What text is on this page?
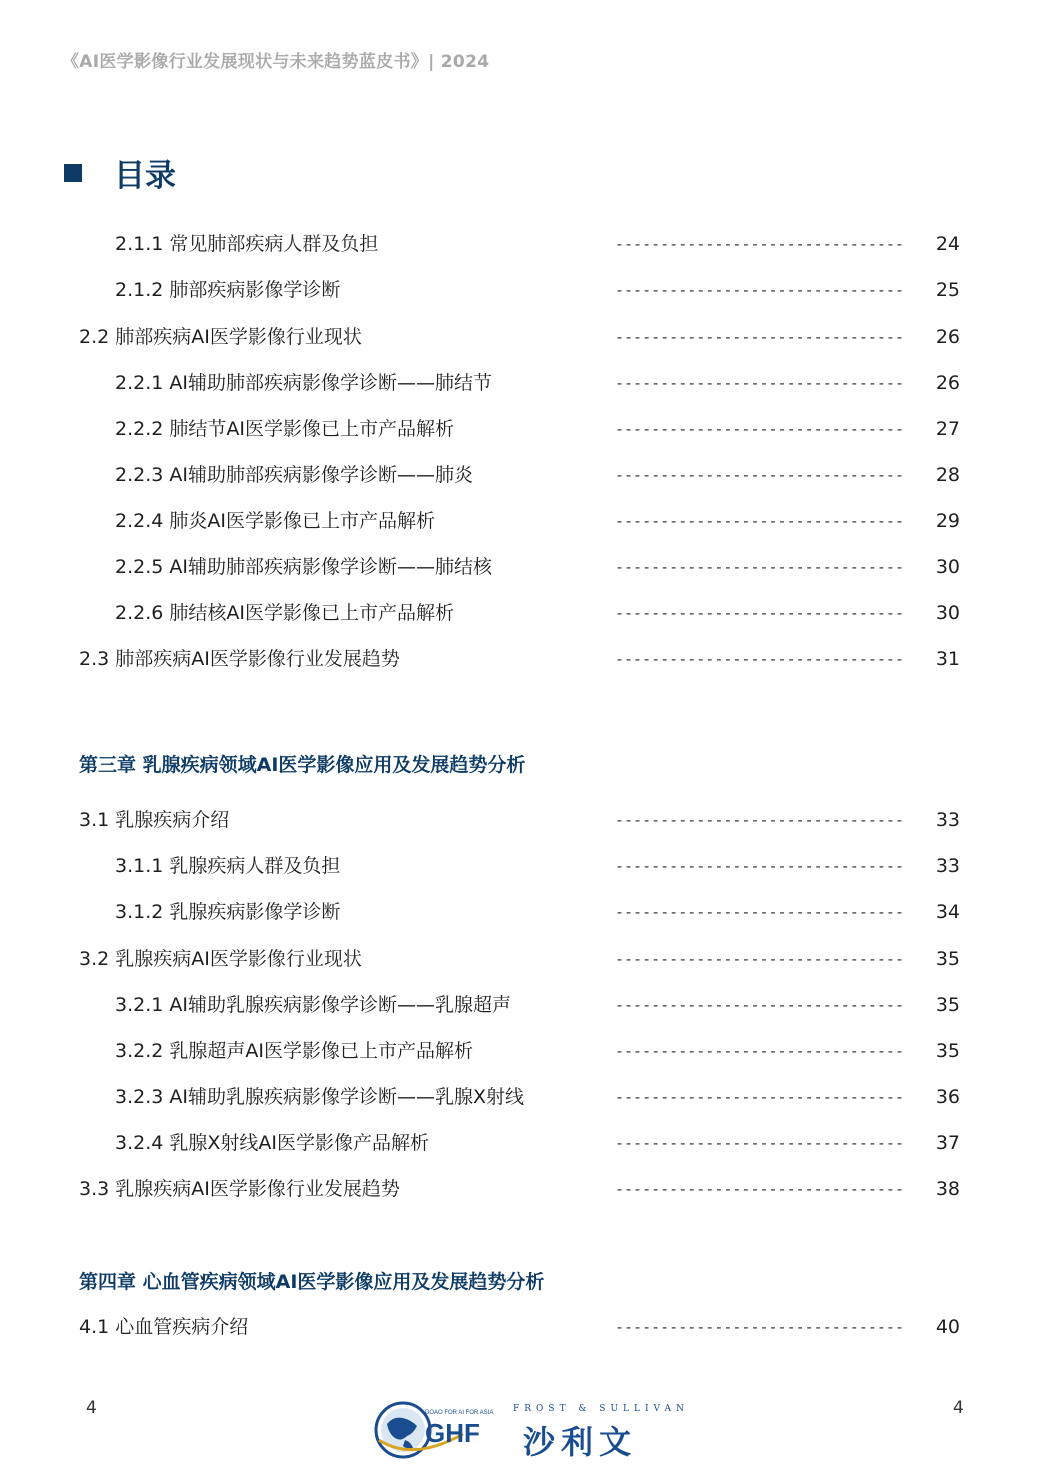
《AI医学影像行业发展现状与未来趋势蓝皮书》| 2024
目录
2.1.1 常见肺部疾病人群及负担	--------------------------------	24
2.1.2 肺部疾病影像学诊断	--------------------------------	25
2.2 肺部疾病AI医学影像行业现状	--------------------------------	26
2.2.1 AI辅助肺部疾病影像学诊断——肺结节	--------------------------------	26
2.2.2 肺结节AI医学影像已上市产品解析	--------------------------------	27
2.2.3 AI辅助肺部疾病影像学诊断——肺炎	--------------------------------	28
2.2.4 肺炎AI医学影像已上市产品解析	--------------------------------	29
2.2.5 AI辅助肺部疾病影像学诊断——肺结核	--------------------------------	30
2.2.6 肺结核AI医学影像已上市产品解析	--------------------------------	30
2.3 肺部疾病AI医学影像行业发展趋势	--------------------------------	31
第三章 乳腺疾病领域AI医学影像应用及发展趋势分析
3.1 乳腺疾病介绍	--------------------------------	33
3.1.1 乳腺疾病人群及负担	--------------------------------	33
3.1.2 乳腺疾病影像学诊断	--------------------------------	34
3.2 乳腺疾病AI医学影像行业现状	--------------------------------	35
3.2.1 AI辅助乳腺疾病影像学诊断——乳腺超声	--------------------------------	35
3.2.2 乳腺超声AI医学影像已上市产品解析	--------------------------------	35
3.2.3 AI辅助乳腺疾病影像学诊断——乳腺X射线	--------------------------------	36
3.2.4 乳腺X射线AI医学影像产品解析	--------------------------------	37
3.3 乳腺疾病AI医学影像行业发展趋势	--------------------------------	38
第四章 心血管疾病领域AI医学影像应用及发展趋势分析
4.1 心血管疾病介绍	--------------------------------	40
4	4
GHF
DOAO FOR AI FOR ASIA FROST & SULLIVAN
沙利文
